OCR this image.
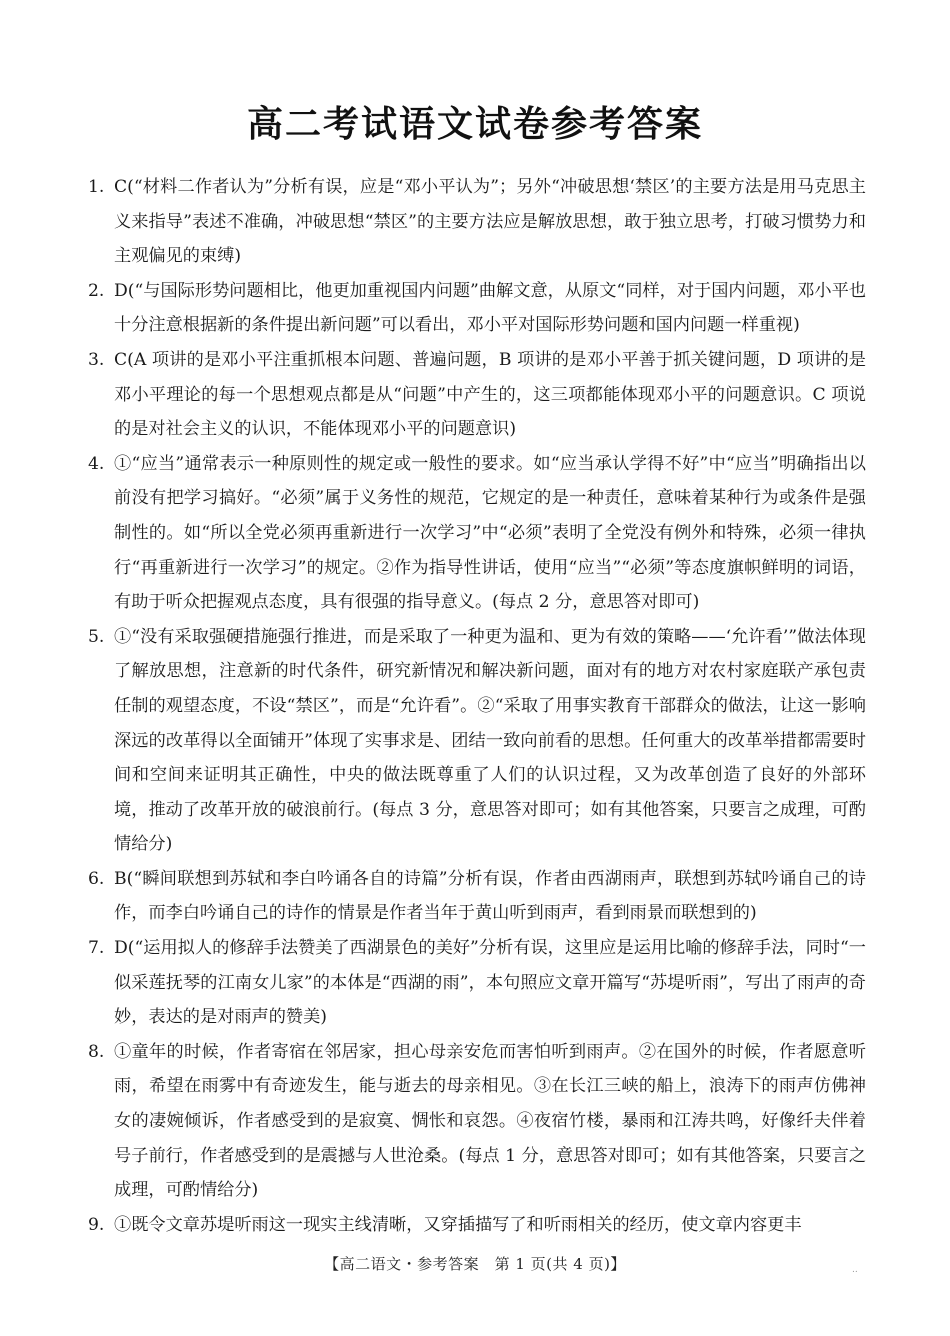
高二考试语文试卷参考答案
1. C(“材料二作者认为”分析有误，应是“邓小平认为”；另外“冲破思想‘禁区’的主要方法是用马克思主义来指导”表述不准确，冲破思想“禁区”的主要方法应是解放思想，敢于独立思考，打破习惯势力和主观偏见的束缚)
2. D(“与国际形势问题相比，他更加重视国内问题”曲解文意，从原文“同样，对于国内问题，邓小平也十分注意根据新的条件提出新问题”可以看出，邓小平对国际形势问题和国内问题一样重视)
3. C(A 项讲的是邓小平注重抓根本问题、普遍问题，B 项讲的是邓小平善于抓关键问题，D 项讲的是邓小平理论的每一个思想观点都是从“问题”中产生的，这三项都能体现邓小平的问题意识。C 项说的是对社会主义的认识，不能体现邓小平的问题意识)
4. ①“应当”通常表示一种原则性的规定或一般性的要求。如“应当承认学得不好”中“应当”明确指出以前没有把学习搞好。“必须”属于义务性的规范，它规定的是一种责任，意味着某种行为或条件是强制性的。如“所以全党必须再重新进行一次学习”中“必须”表明了全党没有例外和特殊，必须一律执行“再重新进行一次学习”的规定。②作为指导性讲话，使用“应当”“必须”等态度旗帜鲜明的词语，有助于听众把握观点态度，具有很强的指导意义。(每点 2 分，意思答对即可)
5. ①“没有采取强硬措施强行推进，而是采取了一种更为温和、更为有效的策略——‘允许看’”做法体现了解放思想，注意新的时代条件，研究新情况和解决新问题，面对有的地方对农村家庭联产承包责任制的观望态度，不设“禁区”，而是“允许看”。②“采取了用事实教育干部群众的做法，让这一影响深远的改革得以全面铺开”体现了实事求是、团结一致向前看的思想。任何重大的改革举措都需要时间和空间来证明其正确性，中央的做法既尊重了人们的认识过程，又为改革创造了良好的外部环境，推动了改革开放的破浪前行。(每点 3 分，意思答对即可；如有其他答案，只要言之成理，可酌情给分)
6. B(“瞬间联想到苏轼和李白吟诵各自的诗篇”分析有误，作者由西湖雨声，联想到苏轼吟诵自己的诗作，而李白吟诵自己的诗作的情景是作者当年于黄山听到雨声，看到雨景而联想到的)
7. D(“运用拟人的修辞手法赞美了西湖景色的美好”分析有误，这里应是运用比喻的修辞手法，同时“一似采莲抚琴的江南女儿家”的本体是“西湖的雨”，本句照应文章开篇写“苏堤听雨”，写出了雨声的奇妙，表达的是对雨声的赞美)
8. ①童年的时候，作者寄宿在邻居家，担心母亲安危而害怕听到雨声。②在国外的时候，作者愿意听雨，希望在雨雾中有奇迹发生，能与逝去的母亲相见。③在长江三峡的船上，浪涛下的雨声仿佛神女的凄婉倾诉，作者感受到的是寂寞、惆怅和哀怨。④夜宿竹楼，暴雨和江涛共鸣，好像纤夫伴着号子前行，作者感受到的是震撼与人世沧桑。(每点 1 分，意思答对即可；如有其他答案，只要言之成理，可酌情给分)
9. ①既令文章苏堤听雨这一现实主线清晰，又穿插描写了和听雨相关的经历，使文章内容更丰
【高二语文・参考答案　第 1 页(共 4 页)】	..
